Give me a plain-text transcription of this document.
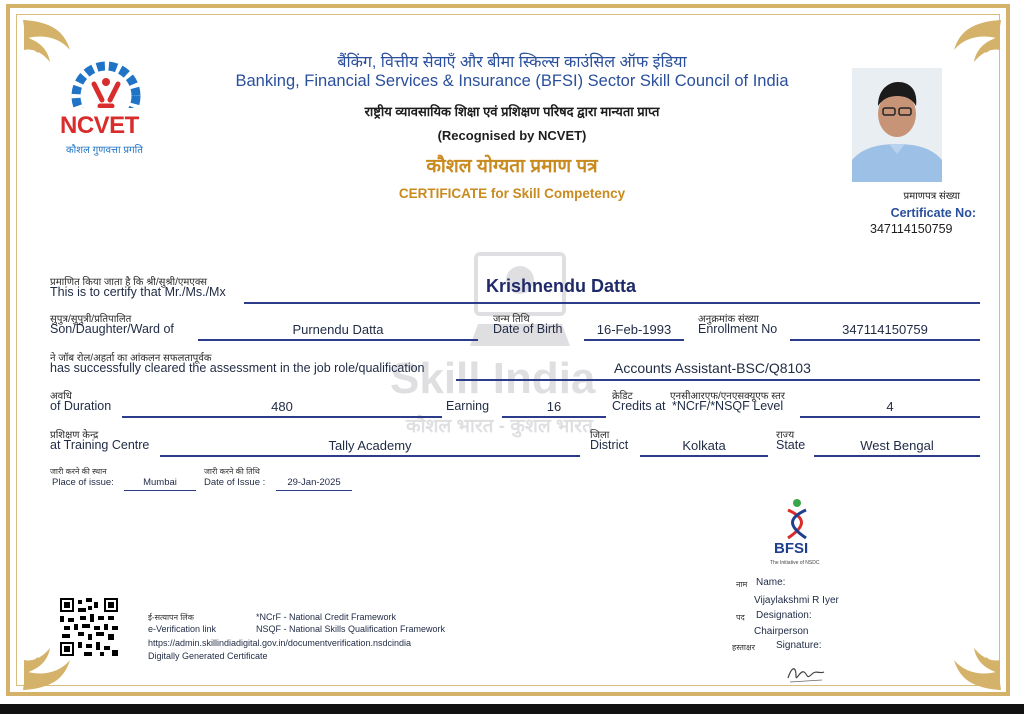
NCVET
कौशल गुणवत्ता प्रगति
बैंकिंग, वित्तीय सेवाएँ और बीमा स्किल्स काउंसिल ऑफ इंडिया
Banking, Financial Services & Insurance (BFSI) Sector Skill Council of India
राष्ट्रीय व्यावसायिक शिक्षा एवं प्रशिक्षण परिषद द्वारा मान्यता प्राप्त
(Recognised by NCVET)
कौशल योग्यता प्रमाण पत्र
CERTIFICATE for Skill Competency	प्रमाणपत्र संख्या
Certificate No:
347114150759
Skill India
कौशल भारत - कुशल भारत
प्रमाणित किया जाता है कि श्री/सुश्री/एमएक्स
This is to certify that Mr./Ms./Mx	Krishnendu Datta
सुपुत्र/सुपुत्री/प्रतिपालित
Son/Daughter/Ward of	Purnendu Datta
जन्म तिथि
Date of Birth	16-Feb-1993
अनुक्रमांक संख्या
Enrollment No	347114150759
ने जॉब रोल/अहर्ता का आंकलन सफलतापूर्वक
has successfully cleared the assessment in the job role/qualification	Accounts Assistant-BSC/Q8103
अवधि
of Duration	480	Earning	16
क्रेडिट	एनसीआरएफ/एनएसक्यूएफ स्तर
Credits at *NCrF/*NSQF Level	4
प्रशिक्षण केन्द्र
at Training Centre	Tally Academy
जिला
District	Kolkata
राज्य
State	West Bengal
जारी करने की स्थान
Place of issue:	Mumbai
जारी करने की तिथि
Date of Issue :	29-Jan-2025
BFSI
The Initiative of NSDC
ई-सत्यापन लिंक
e-Verification link
*NCrF - National Credit Framework
NSQF - National Skills Qualification Framework
https://admin.skillindiadigital.gov.in/documentverification.nsdcindia
Digitally Generated Certificate
नाम Name:
Vijaylakshmi R Iyer
पद Designation:
Chairperson
हस्ताक्षर Signature:
